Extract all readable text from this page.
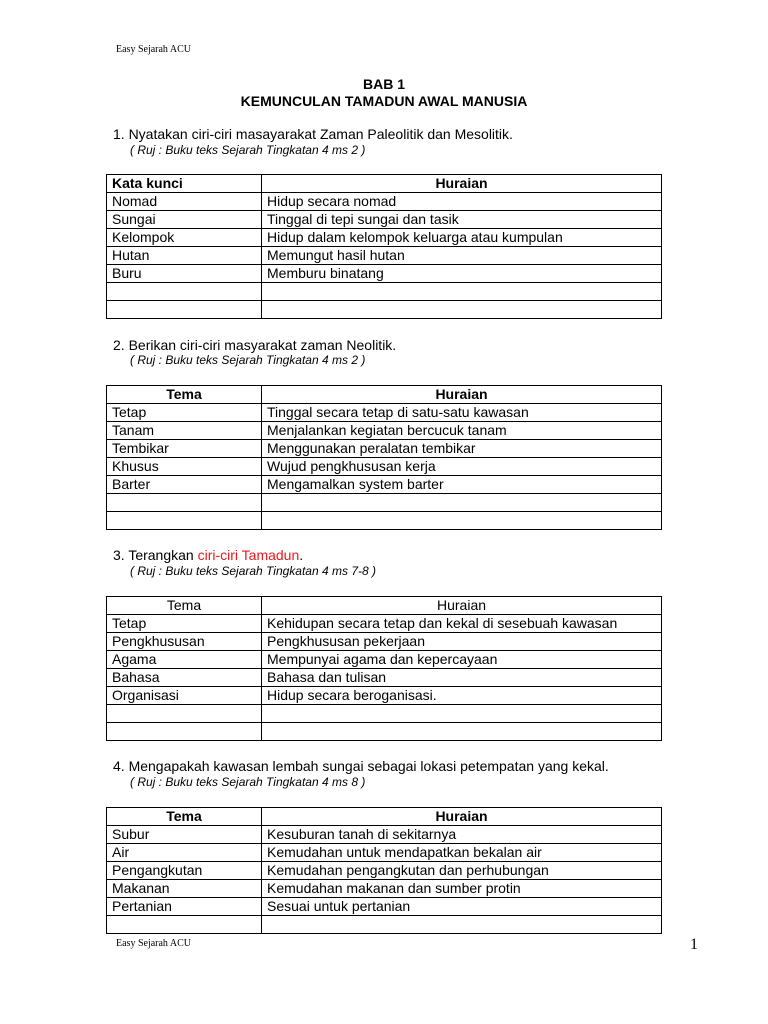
Easy Sejarah ACU
BAB 1
KEMUNCULAN TAMADUN AWAL MANUSIA
1. Nyatakan ciri-ciri masayarakat Zaman Paleolitik dan Mesolitik.
( Ruj : Buku teks Sejarah Tingkatan 4 ms 2 )
Kata kunci	Huraian
Nomad	Hidup secara nomad
Sungai	Tinggal di tepi sungai dan tasik
Kelompok	Hidup dalam kelompok keluarga atau kumpulan
Hutan	Memungut hasil hutan
Buru	Memburu binatang

2. Berikan ciri-ciri masyarakat zaman Neolitik.
( Ruj : Buku teks Sejarah Tingkatan 4 ms 2 )
Tema	Huraian
Tetap	Tinggal secara tetap di satu-satu kawasan
Tanam	Menjalankan kegiatan bercucuk tanam
Tembikar	Menggunakan peralatan tembikar
Khusus	Wujud pengkhususan kerja
Barter	Mengamalkan system barter

3. Terangkan ciri-ciri Tamadun.
( Ruj : Buku teks Sejarah Tingkatan 4 ms 7-8 )
Tema	Huraian
Tetap	Kehidupan secara tetap dan kekal di sesebuah kawasan
Pengkhususan	Pengkhususan pekerjaan
Agama	Mempunyai agama dan kepercayaan
Bahasa	Bahasa dan tulisan
Organisasi	Hidup secara beroganisasi.

4. Mengapakah kawasan lembah sungai sebagai lokasi petempatan yang kekal.
( Ruj : Buku teks Sejarah Tingkatan 4 ms 8 )
Tema	Huraian
Subur	Kesuburan tanah di sekitarnya
Air	Kemudahan untuk mendapatkan bekalan air
Pengangkutan	Kemudahan pengangkutan dan perhubungan
Makanan	Kemudahan makanan dan sumber protin
Pertanian	Sesuai untuk pertanian

Easy Sejarah ACU	1
